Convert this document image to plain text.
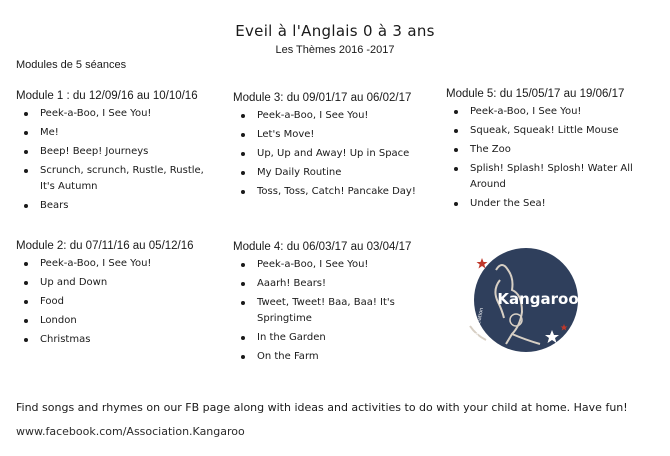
Eveil à l'Anglais 0 à 3 ans
Les Thèmes 2016 -2017
Modules de 5 séances
Module 1 : du 12/09/16 au 10/10/16
Peek-a-Boo, I See You!
Me!
Beep! Beep! Journeys
Scrunch, scrunch, Rustle, Rustle, It's Autumn
Bears
Module 2: du 07/11/16 au 05/12/16
Peek-a-Boo, I See You!
Up and Down
Food
London
Christmas
Module 3: du 09/01/17 au 06/02/17
Peek-a-Boo, I See You!
Let's Move!
Up, Up and Away! Up in Space
My Daily Routine
Toss, Toss, Catch! Pancake Day!
Module 4: du 06/03/17 au 03/04/17
Peek-a-Boo, I See You!
Aaarh! Bears!
Tweet, Tweet! Baa, Baa! It's Springtime
In the Garden
On the Farm
Module 5: du 15/05/17 au 19/06/17
Peek-a-Boo, I See You!
Squeak, Squeak! Little Mouse
The Zoo
Splish! Splash! Splosh! Water All Around
Under the Sea!
Kangaroo
Association
Find songs and rhymes on our FB page along with ideas and activities to do with your child at home. Have fun!
www.facebook.com/Association.Kangaroo
